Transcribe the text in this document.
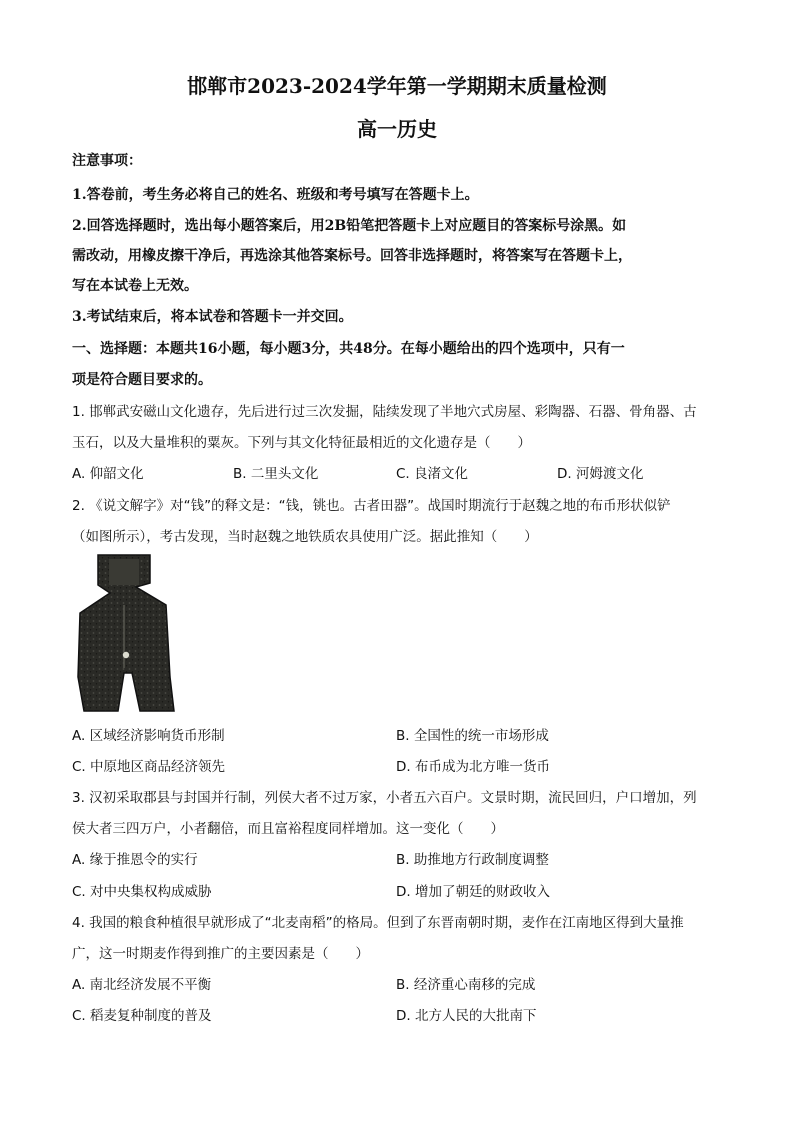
邯郸市2023-2024学年第一学期期末质量检测
高一历史
注意事项：
1.答卷前，考生务必将自己的姓名、班级和考号填写在答题卡上。
2.回答选择题时，选出每小题答案后，用2B铅笔把答题卡上对应题目的答案标号涂黑。如
需改动，用橡皮擦干净后，再选涂其他答案标号。回答非选择题时，将答案写在答题卡上，
写在本试卷上无效。
3.考试结束后，将本试卷和答题卡一并交回。
一、选择题：本题共16小题，每小题3分，共48分。在每小题给出的四个选项中，只有一
项是符合题目要求的。
1. 邯郸武安磁山文化遗存，先后进行过三次发掘，陆续发现了半地穴式房屋、彩陶器、石器、骨角器、古
玉石，以及大量堆积的粟灰。下列与其文化特征最相近的文化遗存是（　　）
A. 仰韶文化	B. 二里头文化	C. 良渚文化	D. 河姆渡文化
2. 《说文解字》对“钱”的释文是：“钱，铫也。古者田器”。战国时期流行于赵魏之地的布币形状似铲
（如图所示），考古发现，当时赵魏之地铁质农具使用广泛。据此推知（　　）
A. 区域经济影响货币形制	B. 全国性的统一市场形成
C. 中原地区商品经济领先	D. 布币成为北方唯一货币
3. 汉初采取郡县与封国并行制，列侯大者不过万家，小者五六百户。文景时期，流民回归，户口增加，列
侯大者三四万户，小者翻倍，而且富裕程度同样增加。这一变化（　　）
A. 缘于推恩令的实行	B. 助推地方行政制度调整
C. 对中央集权构成威胁	D. 增加了朝廷的财政收入
4. 我国的粮食种植很早就形成了“北麦南稻”的格局。但到了东晋南朝时期，麦作在江南地区得到大量推
广，这一时期麦作得到推广的主要因素是（　　）
A. 南北经济发展不平衡	B. 经济重心南移的完成
C. 稻麦复种制度的普及	D. 北方人民的大批南下
